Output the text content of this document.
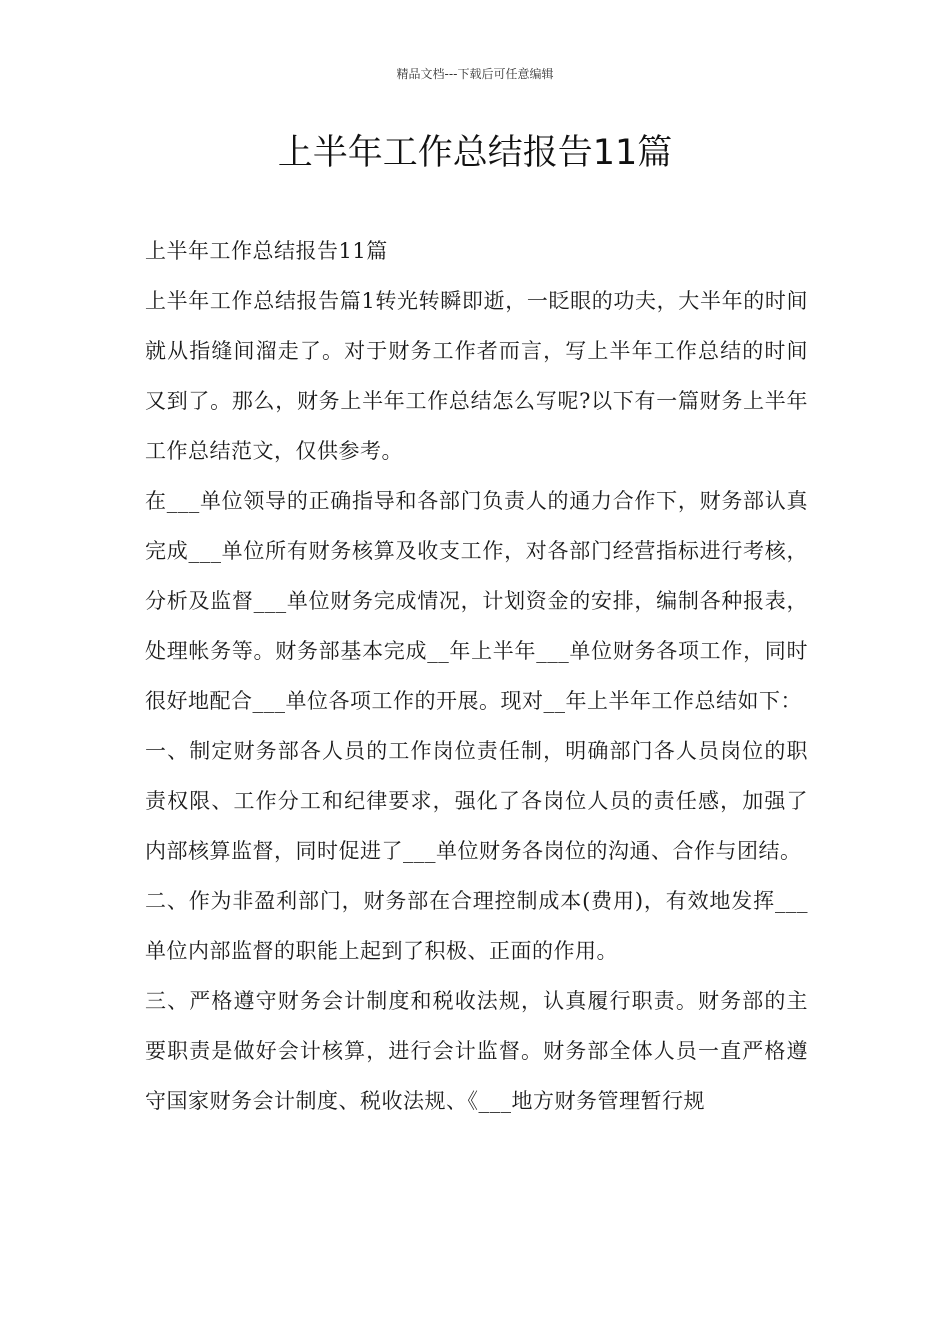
精品文档---下载后可任意编辑
上半年工作总结报告11篇

上半年工作总结报告11篇

上半年工作总结报告篇1转光转瞬即逝，一眨眼的功夫，大半年的时间就从指缝间溜走了。对于财务工作者而言，写上半年工作总结的时间又到了。那么，财务上半年工作总结怎么写呢?以下有一篇财务上半年工作总结范文，仅供参考。

在___单位领导的正确指导和各部门负责人的通力合作下，财务部认真完成___单位所有财务核算及收支工作，对各部门经营指标进行考核，分析及监督___单位财务完成情况，计划资金的安排，编制各种报表，处理帐务等。财务部基本完成__年上半年___单位财务各项工作，同时很好地配合___单位各项工作的开展。现对__年上半年工作总结如下：

一、制定财务部各人员的工作岗位责任制，明确部门各人员岗位的职责权限、工作分工和纪律要求，强化了各岗位人员的责任感，加强了内部核算监督，同时促进了___单位财务各岗位的沟通、合作与团结。

二、作为非盈利部门，财务部在合理控制成本(费用)，有效地发挥___单位内部监督的职能上起到了积极、正面的作用。

三、严格遵守财务会计制度和税收法规，认真履行职责。财务部的主要职责是做好会计核算，进行会计监督。财务部全体人员一直严格遵守国家财务会计制度、税收法规、《___地方财务管理暂行规
